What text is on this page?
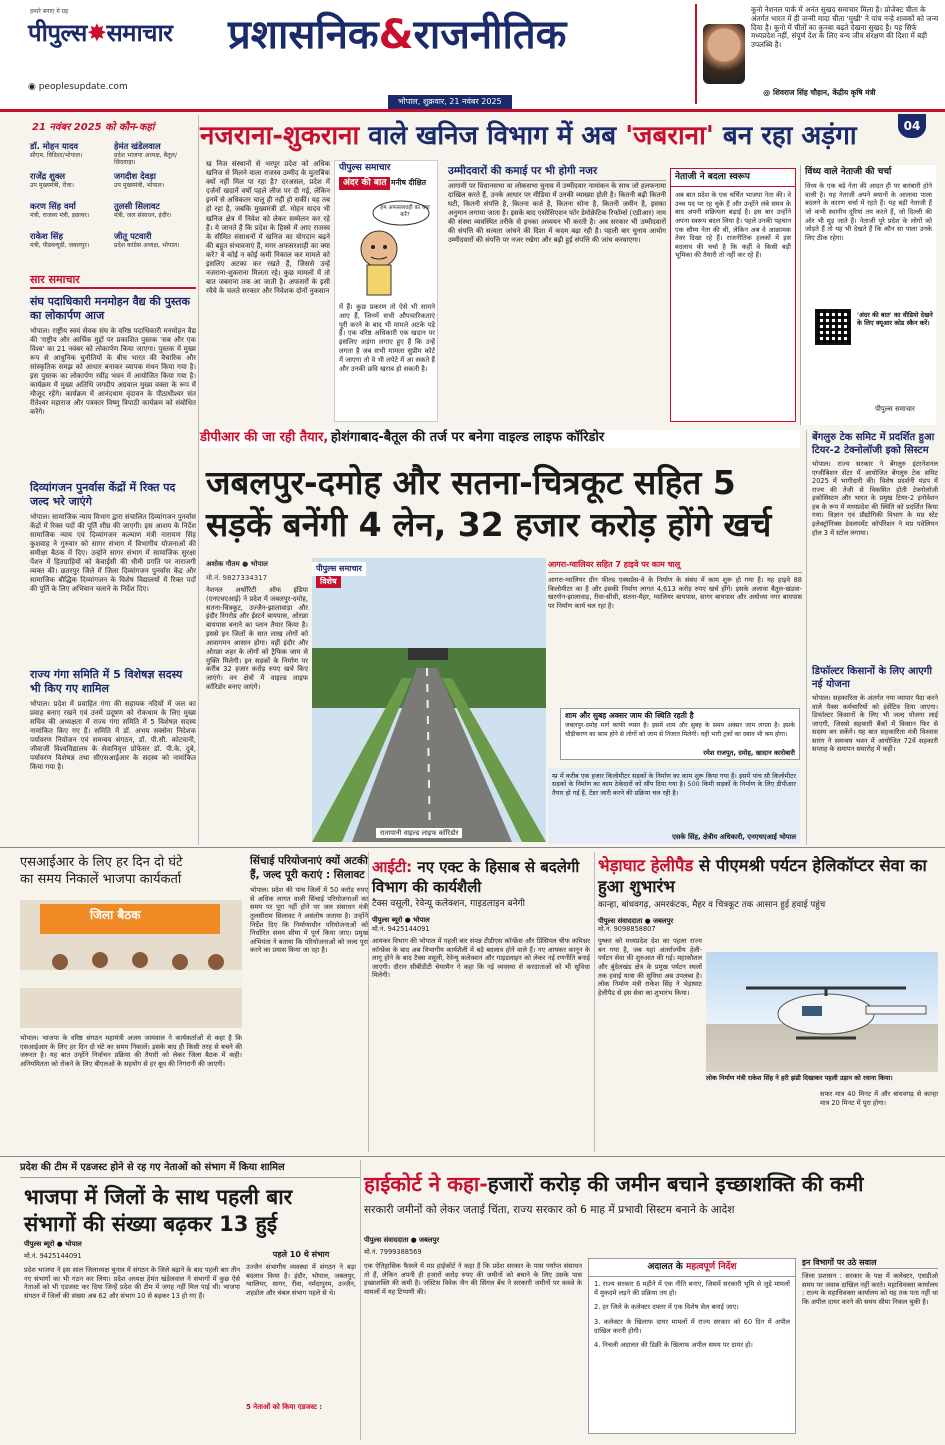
हमारे बनाए ये ग्रह
पीपुल्स✸समाचार
◉ peoplesupdate.com
प्रशासनिक&राजनीतिक
भोपाल, शुक्रवार, 21 नवंबर 2025
कूनो नेशनल पार्क में अनंत सुखद समाचार मिला है। प्रोजेक्ट चीता के अंतर्गत भारत में ही जन्मी मादा चीता 'मुखी' ने पांच नन्हे शावकों को जन्म दिया है। कूनो में चीतों का कुनबा बढ़ते देखना सुखद है। यह सिर्फ मध्यप्रदेश नहीं, संपूर्ण देश के लिए वन्य जीव संरक्षण की दिशा में बड़ी उपलब्धि है।
@ शिवराज सिंह चौहान, केंद्रीय कृषि मंत्री
04
21 नवंबर 2025 को कौन-कहां
डॉ. मोहन यादव
सीएम, विदिशा/भोपाल।
हेमंत खंडेलवाल
प्रदेश भाजपा अध्यक्ष, बैतूल/छिंदवाड़ा।
राजेंद्र शुक्ल
उप मुख्यमंत्री, रीवा।
जगदीश देवड़ा
उप मुख्यमंत्री, भोपाल।
करण सिंह वर्मा
मंत्री, राजस्व मंत्री, इछावर।
तुलसी सिलावट
मंत्री, जल संसाधन, इंदौर।
राकेश सिंह
मंत्री, पीडब्ल्यूडी, जबलपुर।
जीतू पटवारी
प्रदेश कांग्रेस अध्यक्ष, भोपाल।
सार समाचार
संघ पदाधिकारी मनमोहन वैद्य की पुस्तक का लोकार्पण आज
भोपाल। राष्ट्रीय स्वयं सेवक संघ के वरिष्ठ पदाधिकारी मनमोहन वैद्य की 'राष्ट्रीय और आर्थिक मुद्दों पर प्रकाशित पुस्तक 'सब और एक विश्व' का 21 नवंबर को लोकार्पण किया जाएगा। पुस्तक में मुख्य रूप से आधुनिक चुनौतियों के बीच भारत की वैचारिक और सांस्कृतिक समझ को आधार बनाकर व्यापक मंथन किया गया है। इस पुस्तक का लोकार्पण रवींद्र भवन में आयोजित किया गया है। कार्यक्रम में मुख्य अतिथि जगदीप अग्रवाल मुख्य वक्ता के रूप में मौजूद रहेंगे। कार्यक्रम में आनंदधाम वृंदावन के पीठाधीश्वर संत रीतेश्वर महाराज और पत्रकार विष्णु त्रिपाठी कार्यक्रम को संबोधित करेंगे।
दिव्यांगजन पुनर्वास केंद्रों में रिक्त पद जल्द भरे जाएंगे
भोपाल। सामाजिक न्याय विभाग द्वारा संचालित दिव्यांगजन पुनर्वास केंद्रों में रिक्त पदों की पूर्ति शीघ्र की जाएगी। इस आशय के निर्देश सामाजिक न्याय एवं दिव्यांगजन कल्याण मंत्री नारायण सिंह कुशवाह ने गुरुवार को सागर संभाग में विभागीय योजनाओं की समीक्षा बैठक में दिए। उन्होंने सागर संभाग में सामाजिक सुरक्षा पेंशन में हितग्राहियों को केवाईसी की धीमी प्रगति पर नाराजगी व्यक्त की। छतरपुर जिले में जिला दिव्यांगजन पुनर्वास केंद्र और सामाजिक बौद्धिक दिव्यांगजन के विशेष विद्यालयों में रिक्त पदों की पूर्ति के लिए अभियान चलाने के निर्देश दिए।
राज्य गंगा समिति में 5 विशेषज्ञ सदस्य भी किए गए शामिल
भोपाल। प्रदेश में प्रवाहित गंगा की सहायक नदियों में जल का प्रवाह बनाए रखने एवं उनमें प्रदूषण को रोकथाम के लिए मुख्य सचिव की अध्यक्षता में राज्य गंगा समिति में 5 विशेषज्ञ सदस्य नामांकित किए गए हैं। समिति में डॉ. अभय सक्सेना निदेशक पर्यावरण नियोजन एवं समन्वय संगठन, डॉ. पी.सी. कोटवानी, जीवाजी विश्वविद्यालय के सेवानिवृत्त प्रोफेसर डॉ. पी.के. दुबे, पर्यावरण विशेषज्ञ तथा सीएसआईआर के सदस्य को नामांकित किया गया है।
नजराना-शुकराना वाले खनिज विभाग में अब 'जबराना' बन रहा अड़ंगा
ख निज संस्थानों से भरपूर प्रदेश को अधिक खनिज से मिलने वाला राजस्व उम्मीद के मुताबिक क्यों नहीं मिल पा रहा है? दरअसल, प्रदेश में दर्जनों खदानें वर्षों पहले लीज पर दी गई, लेकिन इनमें से अधिकतर चालू ही नहीं हो सकीं। यह तब हो रहा है, जबकि मुख्यमंत्री डॉ. मोहन यादव भी खनिज क्षेत्र में निवेश को लेकर सम्मेलन कर रहे हैं। ये जानते हैं कि प्रदेश के हिस्से में आए राजस्व के सीमित संसाधनों में खनिज का योगदान बढ़ने की बहुत संभावनाएं हैं, मगर अफसरशाही का क्या करें? वे कोई न कोई कमी निकाल कर मामले को इसलिए अटका कर रखते हैं, जिससे उन्हें नजराना-शुकराना मिलता रहे। कुछ मामलों में तो बात जबराना तक आ जाती है। अफसरों के इसी रवैये के चलते सरकार और निवेशक दोनों नुकसान
पीपुल्स समाचार
अंदर की बात मनीष दीक्षित
हम अफसरशाही का क्या करें?
में हैं। कुछ प्रकरण तो ऐसे भी सामने आए हैं, जिनमें सभी औपचारिकताएं पूरी करने के बाद भी मामले अटके पड़े हैं। एक वरिष्ठ अधिकारी एक खदान पर इसलिए अड़ंगा लगाए हुए हैं कि उन्हें लगता है जब सभी मामला सुप्रीम कोर्ट में जाएगा तो वे भी लपेटे में आ सकते हैं और उनकी छवि खराब हो सकती है।
उम्मीदवारों की कमाई पर भी होगी नजर
आगामी पर विधानसभा या लोकसभा चुनाव में उम्मीदवार नामांकन के साथ जो हलफनामा दाखिल करते हैं, उनके आधार पर मीडिया में उनकी व्याख्या होती है। कितनी बढ़ी कितनी घटी, कितनी संपत्ति है, कितना कर्ज है, कितना सोना है, कितनी जमीन है, इसका अनुमान लगाया जाता है। इसके बाद एसोसिएशन फॉर डेमोक्रेटिक रिफॉर्म्स (एडीआर) नाम की संस्था व्यवस्थित तरीके से इनका अध्ययन भी करती है। अब सरकार भी उम्मीदवारों की संपत्ति की सत्यता जांचने की दिशा में कदम बढ़ा रही है। पहली बार चुनाव आयोग उम्मीदवारों की संपत्ति पर नजर रखेगा और बढ़ी हुई संपत्ति की जांच करवाएगा।
नेताजी ने बदला स्वरूप
अब बात प्रदेश के एक चर्चित भाजपा नेता की। वे उच्च पद पर रह चुके हैं और उन्होंने लंबे समय के बाद अपनी सक्रियता बढ़ाई है। इस बार उन्होंने अपना स्वरूप बदल लिया है। पहले उनकी पहचान एक सौम्य नेता की थी, लेकिन अब वे आक्रामक तेवर दिखा रहे हैं। राजनीतिक हलकों में इस बदलाव की चर्चा है कि कहीं वे किसी बड़ी भूमिका की तैयारी तो नहीं कर रहे हैं।
विंध्य वाले नेताजी की चर्चा
विंध्य के एक बड़े नेता की आदत ही पर बारंबारी होने वाली है। यह नेताजी अपने बयानों के आलावा पाला बदलने के कारण चर्चा में रहते हैं। यह बड़ी नेताजी हैं जो कभी स्थानीय दूरियां तय करते हैं, जो दिल्ली की ओर भी मुड़ जाते हैं। नेताजी पूरे प्रदेश के लोगों को जोड़ते हैं तो यह भी देखते हैं कि कौन सा पाला उनके लिए ठीक रहेगा।
'अंदर की बात' का वीडियो देखने के लिए क्यूआर कोड स्कैन करें।
पीपुल्स समाचार
डीपीआर की जा रही तैयार, होशंगाबाद-बैतूल की तर्ज पर बनेगा वाइल्ड लाइफ कॉरिडोर
जबलपुर-दमोह और सतना-चित्रकूट सहित 5
सड़कें बनेंगी 4 लेन, 32 हजार करोड़ होंगे खर्च
अशोक गौतम ● भोपाल
मो.नं. 9827334317
नेशनल अथॉरिटी ऑफ इंडिया (एनएचएआई) ने प्रदेश में जबलपुर-दमोह, सतना-चित्रकूट, उज्जैन-झालावाड़ा और इंदौर रिंगरोड और ईस्टर्न बायपास, ओरछा बायपास बनाने का प्लान तैयार किया है। इससे इन जिलों के सात लाख लोगों को आवागमन आसान होगा। वहीं इंदौर और ओरछा शहर के लोगों को ट्रैफिक जाम से मुक्ति मिलेगी। इन सड़कों के निर्माण पर करीब 32 हजार करोड़ रुपए खर्च किए जाएंगे। वन क्षेत्रों में वाइल्ड लाइफ कॉरिडोर बनाए जाएंगे।
पीपुल्स समाचार
विशेष
रातापानी वाइल्ड लाइफ कॉरिडोर
आगरा-ग्वालियर सहित 7 हाइवे पर काम चालू
आगरा-ग्वालियर ग्रीन फील्ड एक्सप्रेस-वे के निर्माण के संबंध में काम शुरू हो गया है। यह हाइवे 88 किलोमीटर का है और इसकी निर्माण लागत 4,613 करोड़ रुपए खर्च होंगे। इसके अलावा बैतूल-खंडवा-खरगोन-झालावाड़, रीवा-सीधी, सतना-मैहर, ग्वालियर बायपास, सागर बायपास और अयोध्या नगर बायपास पर निर्माण कार्य चल रहा है।
शाम और सुबह अक्सर जाम की स्थिति रहती है
जबलपुर-दमोह मार्ग काफी व्यस्त है। इसमें शाम और सुबह के समय अक्सर जाम लगता है। इसके चौड़ीकरण का काम होने से लोगों को जाम से निजात मिलेगी। वहीं भारी ट्रकों का दबाव भी कम होगा।
रमेश राजपूत, दमोह, खादान कारोबारी
म्प्र में करीब एक हजार किलोमीटर सड़कों के निर्माण का काम शुरू किया गया है। इसमें पांच सौ किलोमीटर सड़कों के निर्माण का काम ठेकेदारों को सौंप दिया गया है। 500 किमी सड़कों के निर्माण के लिए डीपीआर तैयार हो गई हैं, टेंडर जारी करने की प्रक्रिया चल रही है।
एसके सिंह, क्षेत्रीय अधिकारी, एनएचएआई भोपाल
बेंगलुरु टेक समिट में प्रदर्शित हुआ टियर-2 टेक्नोलॉजी इको सिस्टम
भोपाल। राज्य सरकार ने बेंगलुरु इंटरनेशनल एग्जीबिशन सेंटर में आयोजित बेंगलुरु टेक समिट 2025 में भागीदारी की। विशेष प्रदर्शनी मंडप में राज्य की तेजी से विकसित होती टेक्नोलॉजी इकोसिस्टम और भारत के प्रमुख टियर-2 इनोवेशन हब के रूप में मध्यप्रदेश की स्थिति को प्रदर्शित किया गया। विज्ञान एवं प्रौद्योगिकी विभाग के मप्र स्टेट इलेक्ट्रॉनिक्स डेवलपमेंट कॉर्पोरेशन ने मप्र पवेलियन हॉल 3 में स्टॉल लगाया।
डिफॉल्टर किसानों के लिए आएगी नई योजना
भोपाल। सहकारिता के अंतर्गत नया व्यापार पैदा करने वाले पैक्स कर्मचारियों को इंसेंटिव दिया जाएगा। डिफॉल्टर किसानों के लिए भी जल्द योजना लाई जाएगी, जिससे सहकारी बैंकों में किसान फिर से सदस्य बन सकेंगे। यह बात सहकारिता मंत्री विश्वास सारंग ने समन्वय भवन में आयोजित 72वें सहकारी सप्ताह के समापन समारोह में कही।
एसआईआर के लिए हर दिन दो घंटे
का समय निकालें भाजपा कार्यकर्ता
जिला बैठक
भोपाल। भाजपा के वरिष्ठ संगठन महामंत्री अजय जामवाल ने कार्यकर्ताओं से कहा है कि एसआईआर के लिए हर दिन दो घंटे का समय निकालें। इसके बाद ही किसी तरह से बचने की जरूरत है। यह बात उन्होंने निर्वाचन प्रक्रिया की तैयारी को लेकर जिला बैठक में कही। अनियमितता को रोकने के लिए बीएलओ के सहयोग से हर बूथ की निगरानी की जाएगी।
सिंचाई परियोजनाएं क्यों अटकी हैं, जल्द पूरी कराएं : सिलावट
भोपाल। प्रदेश की पांच जिलों में 50 करोड़ रुपए से अधिक लागत वाली सिंचाई परियोजनाओं का समय पर पूरा नहीं होने पर जल संसाधन मंत्री तुलसीराम सिलावट ने असंतोष जताया है। उन्होंने निर्देश दिए कि निर्माणाधीन परियोजनाओं को निर्धारित समय सीमा में पूर्ण किया जाए। प्रमुख अभियंता ने बताया कि परियोजनाओं को जल्द पूरा करने का प्रयास किया जा रहा है।
आईटी: नए एक्ट के हिसाब से बदलेगी विभाग की कार्यशैली
टैक्स वसूली, रेवेन्यू कलेक्शन, गाइडलाइन बनेगी
पीपुल्स ब्यूरो ● भोपाल
मो.नं. 9425144091
आयकर विभाग की भोपाल में पहली बार संपन्न टीडीएस कॉन्फ्रेंस और प्रिंसिपल चीफ कमिश्नर कॉन्फ्रेंस के बाद अब विभागीय कार्यशैली में बड़े बदलाव होने वाले हैं। नए आयकर कानून के लागू होने के बाद टैक्स वसूली, रेवेन्यू कलेक्शन और गाइडलाइन को लेकर नई रणनीति बनाई जाएगी। दौरान सीबीडीटी चेयरमैन ने कहा कि नई व्यवस्था से करदाताओं को भी सुविधा मिलेगी।
भेड़ाघाट हेलीपैड से पीएमश्री पर्यटन हेलिकॉप्टर सेवा का हुआ शुभारंभ
कान्हा, बांधवगढ़, अमरकंटक, मैहर व चित्रकूट तक आसान हुई हवाई पहुंच
पीपुल्स संवाददाता ● जबलपुर
मो.नं. 9098858807
पुष्कर को मध्यप्रदेश देश का पहला राज्य बन गया है, जब यहां अंतर्राज्यीय हेली-पर्यटन सेवा की शुरुआत की गई। महाकौशल और बुंदेलखंड क्षेत्र के प्रमुख पर्यटन स्थलों तक हवाई यात्रा की सुविधा अब उपलब्ध है। लोक निर्माण मंत्री राकेश सिंह ने भेड़ाघाट हेलीपैड से इस सेवा का शुभारंभ किया।
लोक निर्माण मंत्री राकेश सिंह ने हरी झंडी दिखाकर पहली उड़ान को रवाना किया।
सफर मात्र 40 मिनट में और बांधवगढ़ से कान्हा मात्र 20 मिनट में पूरा होगा।
प्रदेश की टीम में एडजस्ट होने से रह गए नेताओं को संभाग में किया शामिल
भाजपा में जिलों के साथ पहली बार
संभागों की संख्या बढ़कर 13 हुई
पीपुल्स ब्यूरो ● भोपाल
मो.नं. 9425144091
प्रदेश भाजपा ने इस साल जिलाध्यक्ष चुनाव में संगठन के जिले बढ़ाने के बाद पहली बार तीन नए संभागों का भी गठन कर लिया। प्रदेश अध्यक्ष हेमंत खंडेलवाल ने संभागों में कुछ ऐसे नेताओं को भी एडजस्ट कर दिया जिन्हें प्रदेश की टीम में जगह नहीं मिल पाई थी। भाजपा संगठन में जिलों की संख्या अब 62 और संभाग 10 से बढ़कर 13 हो गए हैं।
पहले 10 थे संभाग
उज्जैन संभागीय व्यवस्था में संगठन ने बड़ा बदलाव किया है। इंदौर, भोपाल, जबलपुर, ग्वालियर, सागर, रीवा, नर्मदापुरम, उज्जैन, शहडोल और चंबल संभाग पहले से थे।
5 नेताओं को किया एडजस्ट :
हाईकोर्ट ने कहा-हजारों करोड़ की जमीन बचाने इच्छाशक्ति की कमी
सरकारी जमीनों को लेकर जताई चिंता, राज्य सरकार को 6 माह में प्रभावी सिस्टम बनाने के आदेश
पीपुल्स संवाददाता ● जबलपुर
मो.नं. 7999388569
एक ऐतिहासिक फैसले में मप्र हाईकोर्ट ने कहा है कि प्रदेश सरकार के पास पर्याप्त संसाधन तो हैं, लेकिन अपनी ही हजारों करोड़ रुपए की जमीनों को बचाने के लिए उसके पास इच्छाशक्ति की कमी है। जस्टिस विवेक जैन की सिंगल बेंच ने सरकारी जमीनों पर कब्जे के मामलों में यह टिप्पणी की।
अदालत के महत्वपूर्ण निर्देश
1. राज्य सरकार 6 महीने में एक नीति बनाए, जिसमें सरकारी भूमि से जुड़े मामलों में मुकदमे लड़ने की प्रक्रिया तय हो।
2. हर जिले के कलेक्टर दफ्तर में एक विशेष सेल बनाई जाए।
3. कलेक्टर के खिलाफ दायर मामलों में राज्य सरकार को 60 दिन में अपील दाखिल करनी होगी।
4. निचली अदालत की डिक्री के खिलाफ अपील समय पर दायर हो।
इन विभागों पर उठे सवाल
जिला प्रशासन : सरकार के पक्ष में कलेक्टर, एसडीओ समय पर जवाब दाखिल नहीं करते। महाधिवक्ता कार्यालय : राज्य के महाधिवक्ता कार्यालय को यह तक पता नहीं था कि अपील दायर करने की समय सीमा निकल चुकी है।
